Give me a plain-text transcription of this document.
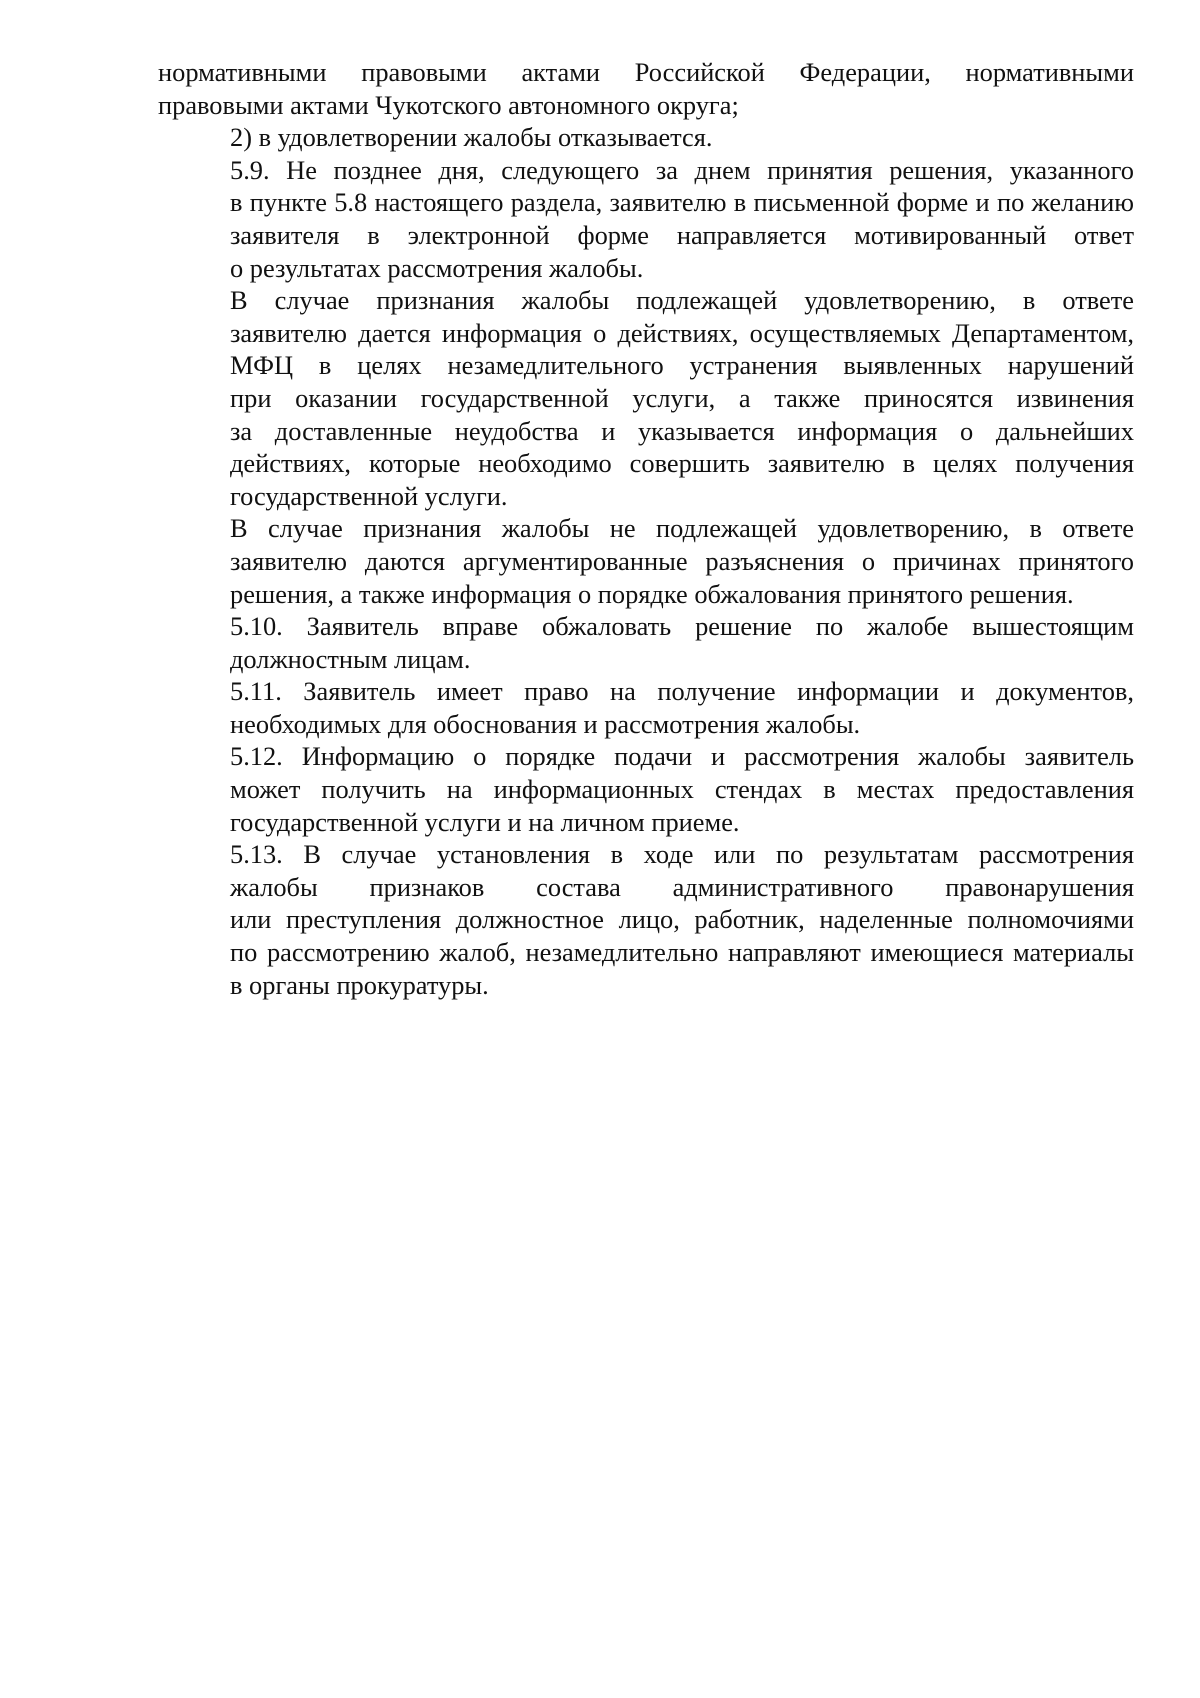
нормативными правовыми актами Российской Федерации, нормативными
правовыми актами Чукотского автономного округа;

2) в удовлетворении жалобы отказывается.

5.9. Не позднее дня, следующего за днем принятия решения, указанного
в пункте 5.8 настоящего раздела, заявителю в письменной форме и по желанию
заявителя в электронной форме направляется мотивированный ответ
о результатах рассмотрения жалобы.

В случае признания жалобы подлежащей удовлетворению, в ответе
заявителю дается информация о действиях, осуществляемых Департаментом,
МФЦ в целях незамедлительного устранения выявленных нарушений
при оказании государственной услуги, а также приносятся извинения
за доставленные неудобства и указывается информация о дальнейших
действиях, которые необходимо совершить заявителю в целях получения
государственной услуги.

В случае признания жалобы не подлежащей удовлетворению, в ответе
заявителю даются аргументированные разъяснения о причинах принятого
решения, а также информация о порядке обжалования принятого решения.

5.10. Заявитель вправе обжаловать решение по жалобе вышестоящим
должностным лицам.

5.11. Заявитель имеет право на получение информации и документов,
необходимых для обоснования и рассмотрения жалобы.

5.12. Информацию о порядке подачи и рассмотрения жалобы заявитель
может получить на информационных стендах в местах предоставления
государственной услуги и на личном приеме.

5.13. В случае установления в ходе или по результатам рассмотрения
жалобы признаков состава административного правонарушения
или преступления должностное лицо, работник, наделенные полномочиями
по рассмотрению жалоб, незамедлительно направляют имеющиеся материалы
в органы прокуратуры.
